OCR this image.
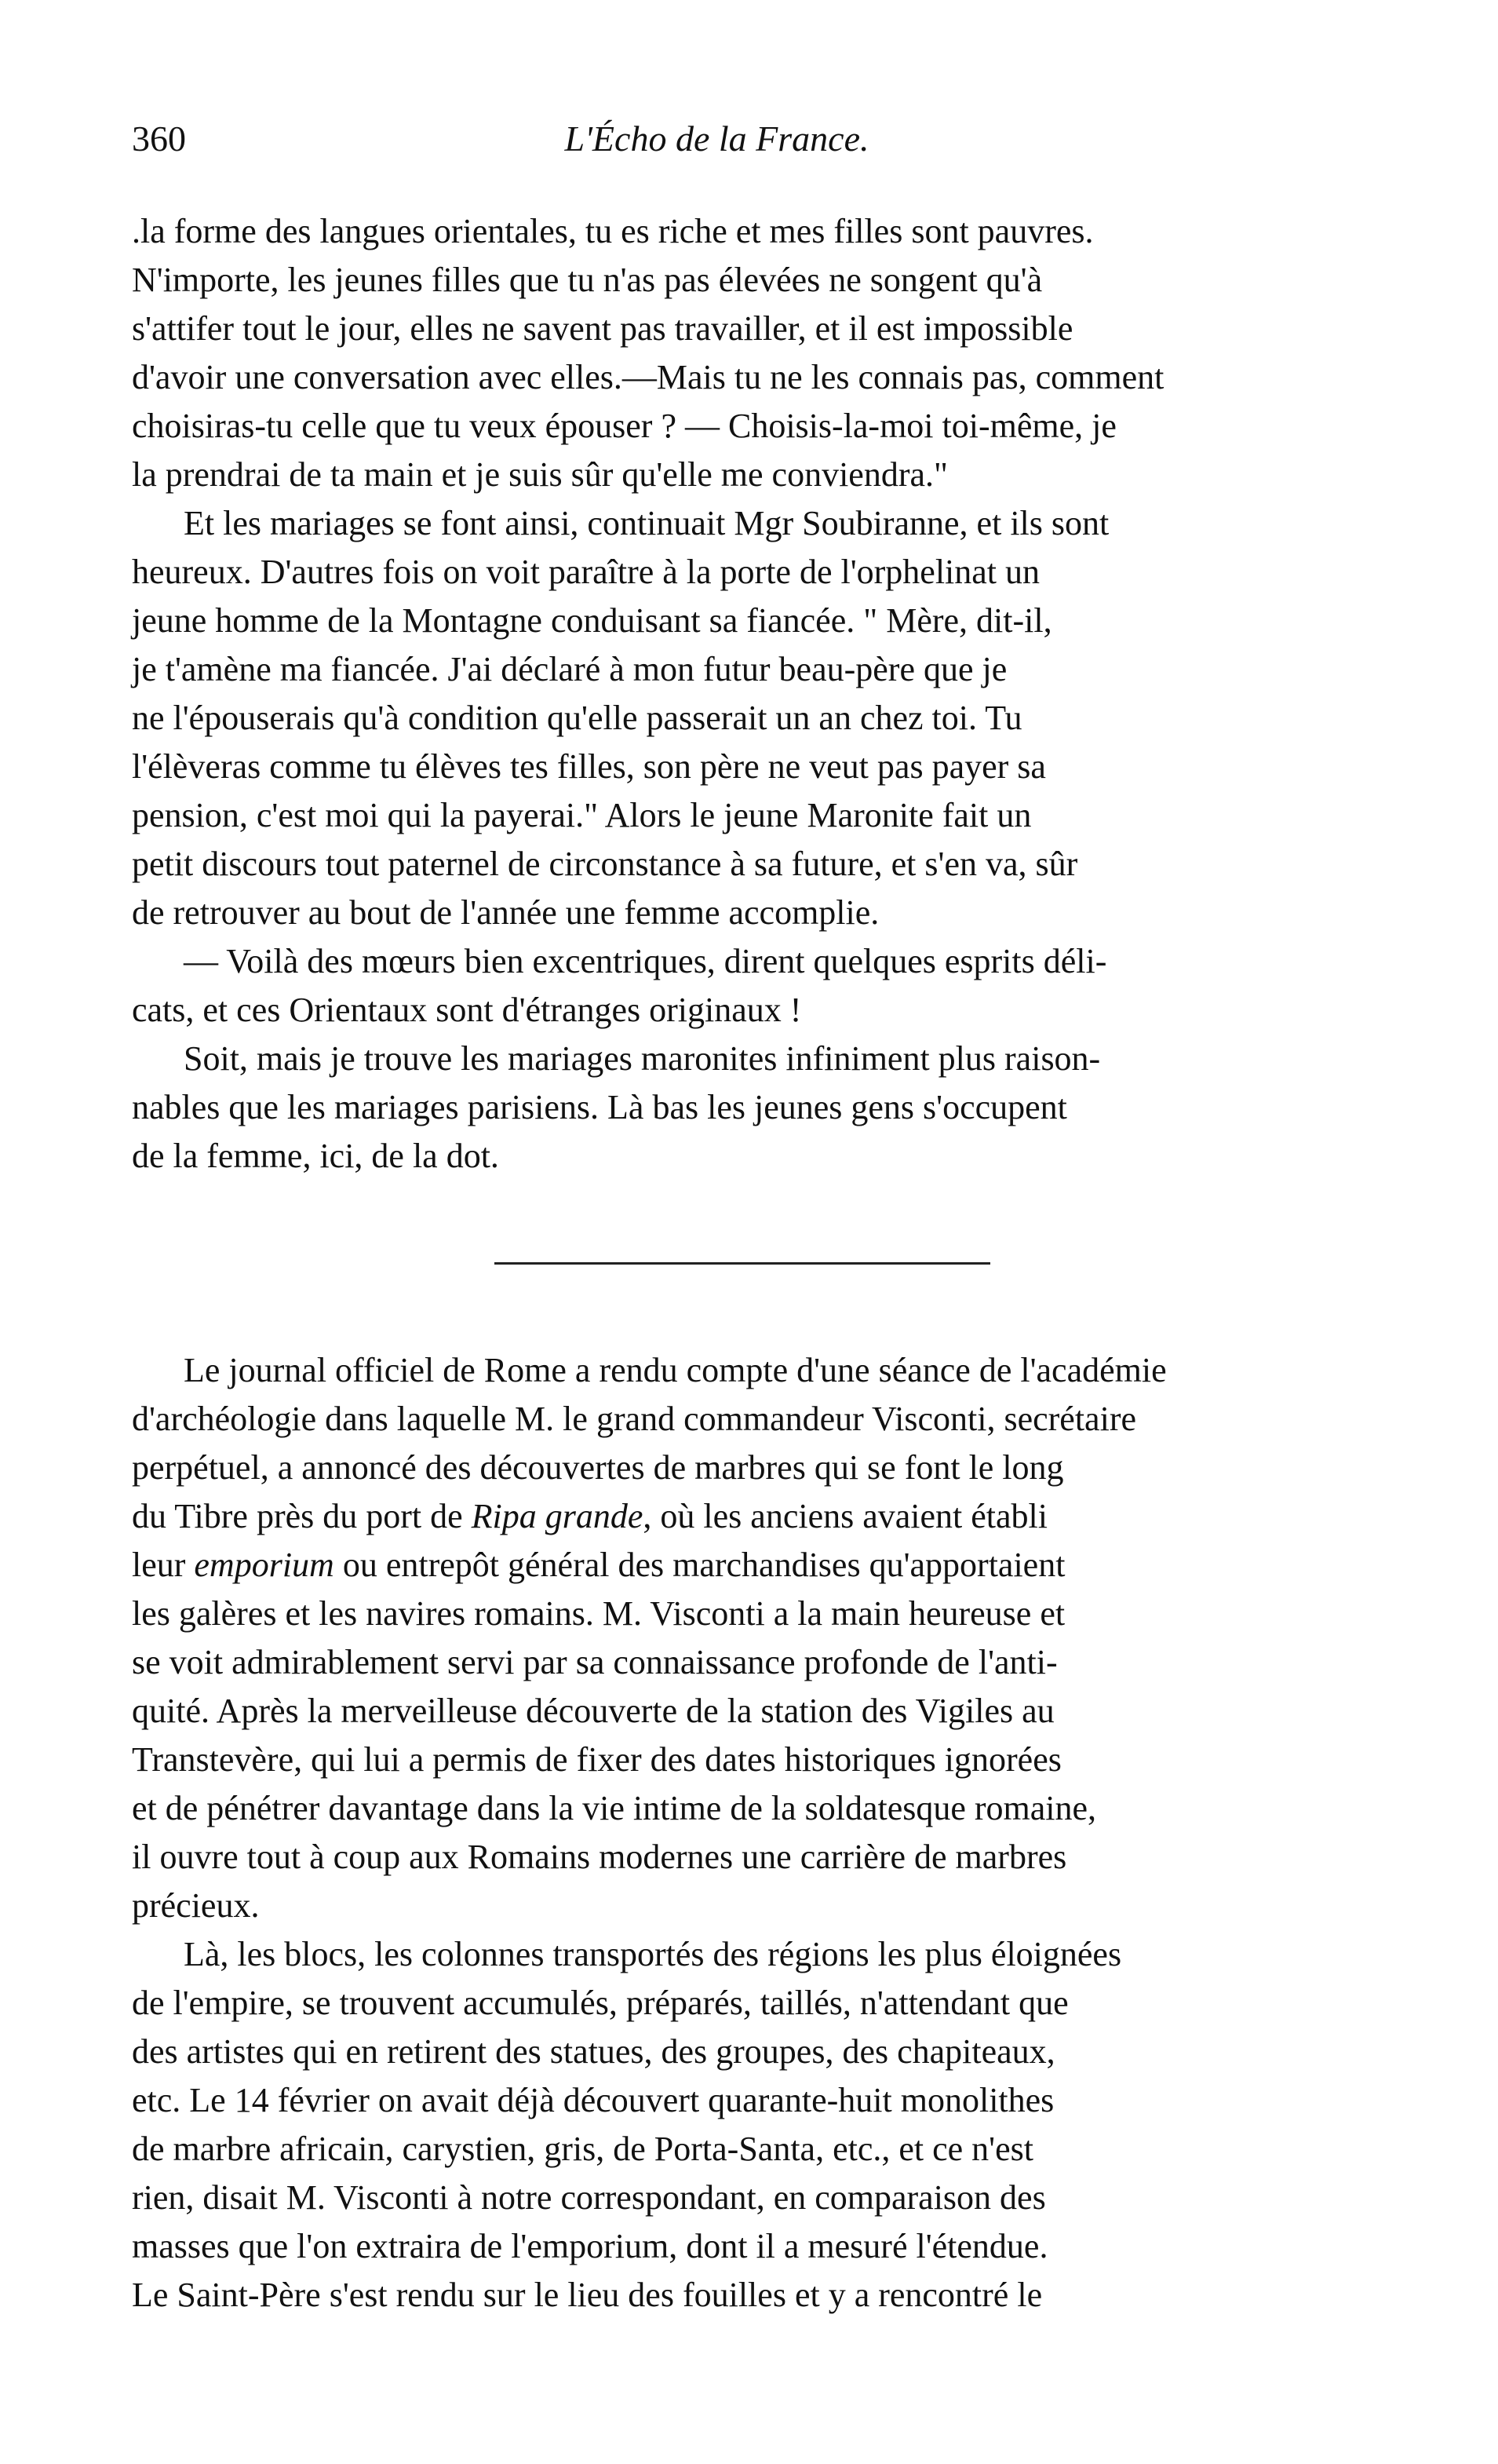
360	L'Écho de la France.

.la forme des langues orientales, tu es riche et mes filles sont pauvres.
N'importe, les jeunes filles que tu n'as pas élevées ne songent qu'à
s'attifer tout le jour, elles ne savent pas travailler, et il est impossible
d'avoir une conversation avec elles.—Mais tu ne les connais pas, comment
choisiras-tu celle que tu veux épouser ? — Choisis-la-moi toi-même, je
la prendrai de ta main et je suis sûr qu'elle me conviendra."

Et les mariages se font ainsi, continuait Mgr Soubiranne, et ils sont
heureux. D'autres fois on voit paraître à la porte de l'orphelinat un
jeune homme de la Montagne conduisant sa fiancée. " Mère, dit-il,
je t'amène ma fiancée. J'ai déclaré à mon futur beau-père que je
ne l'épouserais qu'à condition qu'elle passerait un an chez toi. Tu
l'élèveras comme tu élèves tes filles, son père ne veut pas payer sa
pension, c'est moi qui la payerai." Alors le jeune Maronite fait un
petit discours tout paternel de circonstance à sa future, et s'en va, sûr
de retrouver au bout de l'année une femme accomplie.

— Voilà des mœurs bien excentriques, dirent quelques esprits déli-
cats, et ces Orientaux sont d'étranges originaux !

Soit, mais je trouve les mariages maronites infiniment plus raison-
nables que les mariages parisiens. Là bas les jeunes gens s'occupent
de la femme, ici, de la dot.

Le journal officiel de Rome a rendu compte d'une séance de l'académie
d'archéologie dans laquelle M. le grand commandeur Visconti, secrétaire
perpétuel, a annoncé des découvertes de marbres qui se font le long
du Tibre près du port de Ripa grande, où les anciens avaient établi
leur emporium ou entrepôt général des marchandises qu'apportaient
les galères et les navires romains. M. Visconti a la main heureuse et
se voit admirablement servi par sa connaissance profonde de l'anti-
quité. Après la merveilleuse découverte de la station des Vigiles au
Transtevère, qui lui a permis de fixer des dates historiques ignorées
et de pénétrer davantage dans la vie intime de la soldatesque romaine,
il ouvre tout à coup aux Romains modernes une carrière de marbres
précieux.

Là, les blocs, les colonnes transportés des régions les plus éloignées
de l'empire, se trouvent accumulés, préparés, taillés, n'attendant que
des artistes qui en retirent des statues, des groupes, des chapiteaux,
etc. Le 14 février on avait déjà découvert quarante-huit monolithes
de marbre africain, carystien, gris, de Porta-Santa, etc., et ce n'est
rien, disait M. Visconti à notre correspondant, en comparaison des
masses que l'on extraira de l'emporium, dont il a mesuré l'étendue.
Le Saint-Père s'est rendu sur le lieu des fouilles et y a rencontré le
